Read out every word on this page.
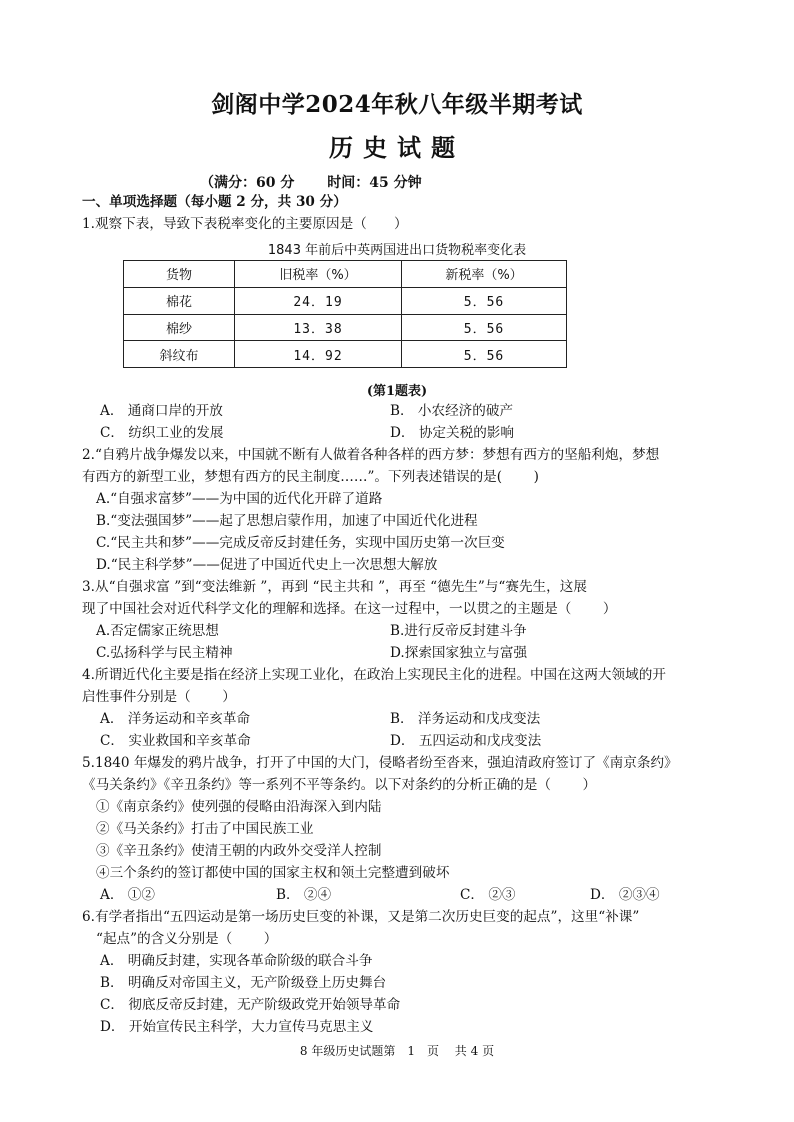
剑阁中学2024年秋八年级半期考试
历史试题
（满分：60 分　　 时间：45 分钟
一、单项选择题（每小题 2 分，共 30 分）
1.观察下表，导致下表税率变化的主要原因是（　　）
1843 年前后中英两国进出口货物税率变化表
货物	旧税率（%）	新税率（%）
棉花	24．19	5．56
棉纱	13．38	5．56
斜纹布	14．92	5．56
(第1题表)
A． 通商口岸的开放	B． 小农经济的破产
C． 纺织工业的发展	D． 协定关税的影响
2.“自鸦片战争爆发以来，中国就不断有人做着各种各样的西方梦：梦想有西方的坚船利炮，梦想
有西方的新型工业，梦想有西方的民主制度……”。下列表述错误的是(　　 )
A.“自强求富梦”——为中国的近代化开辟了道路
B.“变法强国梦”——起了思想启蒙作用，加速了中国近代化进程
C.“民主共和梦”——完成反帝反封建任务，实现中国历史第一次巨变
D.“民主科学梦”——促进了中国近代史上一次思想大解放
3.从“自强求富 ”到“变法维新 ”，再到 “民主共和 ”，再至 “德先生”与“赛先生，这展
现了中国社会对近代科学文化的理解和选择。在这一过程中，一以贯之的主题是（　　 ）
A.否定儒家正统思想	B.进行反帝反封建斗争
C.弘扬科学与民主精神	D.探索国家独立与富强
4.所谓近代化主要是指在经济上实现工业化，在政治上实现民主化的进程。中国在这两大领域的开
启性事件分别是（　　 ）
A． 洋务运动和辛亥革命	B． 洋务运动和戊戌变法
C． 实业救国和辛亥革命	D． 五四运动和戊戌变法
5.1840 年爆发的鸦片战争，打开了中国的大门，侵略者纷至沓来，强迫清政府签订了《南京条约》
《马关条约》《辛丑条约》等一系列不平等条约。以下对条约的分析正确的是（　　 ）
①《南京条约》使列强的侵略由沿海深入到内陆
②《马关条约》打击了中国民族工业
③《辛丑条约》使清王朝的内政外交受洋人控制
④三个条约的签订都使中国的国家主权和领土完整遭到破坏
A． ①②	B． ②④	C． ②③	D． ②③④
6.有学者指出“五四运动是第一场历史巨变的补课，又是第二次历史巨变的起点”，这里“补课”
“起点”的含义分别是（　　 ）
A． 明确反封建，实现各革命阶级的联合斗争
B． 明确反对帝国主义，无产阶级登上历史舞台
C． 彻底反帝反封建，无产阶级政党开始领导革命
D． 开始宣传民主科学，大力宣传马克思主义
8 年级历史试题第　1　页　 共 4 页
